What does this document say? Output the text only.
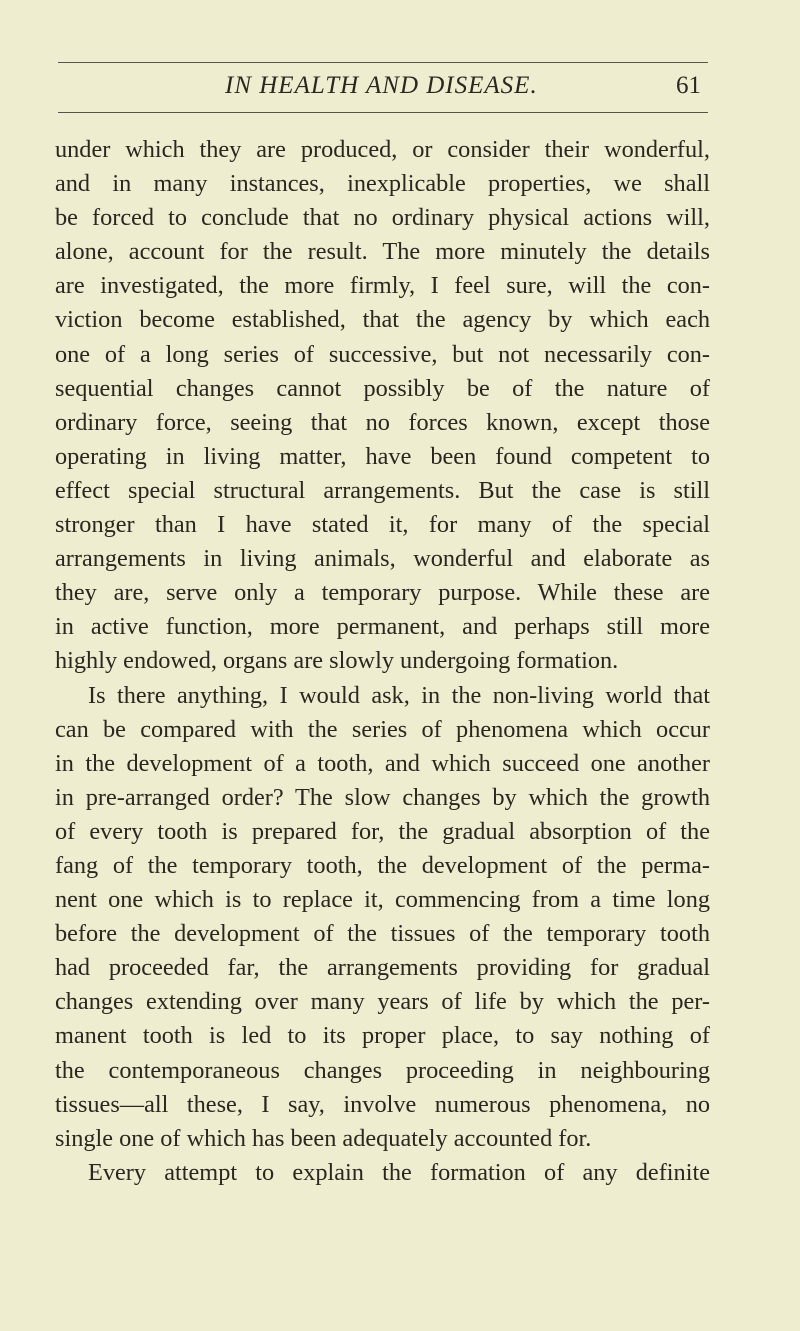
IN HEALTH AND DISEASE.	61
under which they are produced, or consider their wonderful,
and in many instances, inexplicable properties, we shall
be forced to conclude that no ordinary physical actions will,
alone, account for the result. The more minutely the details
are investigated, the more firmly, I feel sure, will the con-
viction become established, that the agency by which each
one of a long series of successive, but not necessarily con-
sequential changes cannot possibly be of the nature of
ordinary force, seeing that no forces known, except those
operating in living matter, have been found competent to
effect special structural arrangements. But the case is still
stronger than I have stated it, for many of the special
arrangements in living animals, wonderful and elaborate as
they are, serve only a temporary purpose. While these are
in active function, more permanent, and perhaps still more
highly endowed, organs are slowly undergoing formation.
Is there anything, I would ask, in the non-living world that
can be compared with the series of phenomena which occur
in the development of a tooth, and which succeed one another
in pre-arranged order? The slow changes by which the growth
of every tooth is prepared for, the gradual absorption of the
fang of the temporary tooth, the development of the perma-
nent one which is to replace it, commencing from a time long
before the development of the tissues of the temporary tooth
had proceeded far, the arrangements providing for gradual
changes extending over many years of life by which the per-
manent tooth is led to its proper place, to say nothing of
the contemporaneous changes proceeding in neighbouring
tissues—all these, I say, involve numerous phenomena, no
single one of which has been adequately accounted for.
Every attempt to explain the formation of any definite
